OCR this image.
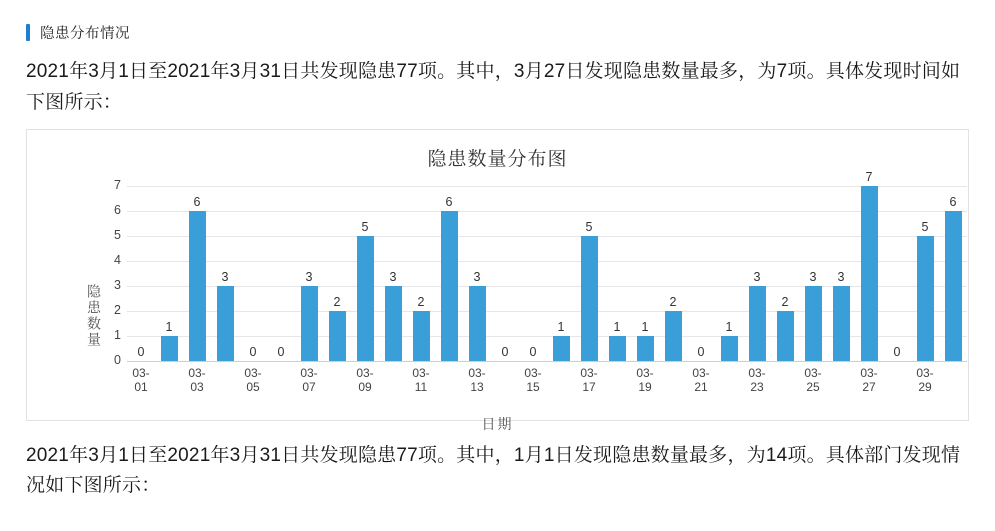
隐患分布情况
2021年3月1日至2021年3月31日共发现隐患77项。其中，3月27日发现隐患数量最多，为7项。具体发现时间如下图所示：
隐患数量分布图
隐患数量
0
1
2
3
4
5
6
7
0
1
6
3
0	0
3
2
5
3
2
6
3
0	0
1
5
1	1
2
0
1
3
2
3	3
7
0
5
6
03-01
03-03
03-05
03-07
03-09
03-11
03-13
03-15
03-17
03-19
03-21
03-23
03-25
03-27
03-29
日期
2021年3月1日至2021年3月31日共发现隐患77项。其中，1月1日发现隐患数量最多，为14项。具体部门发现情况如下图所示：
